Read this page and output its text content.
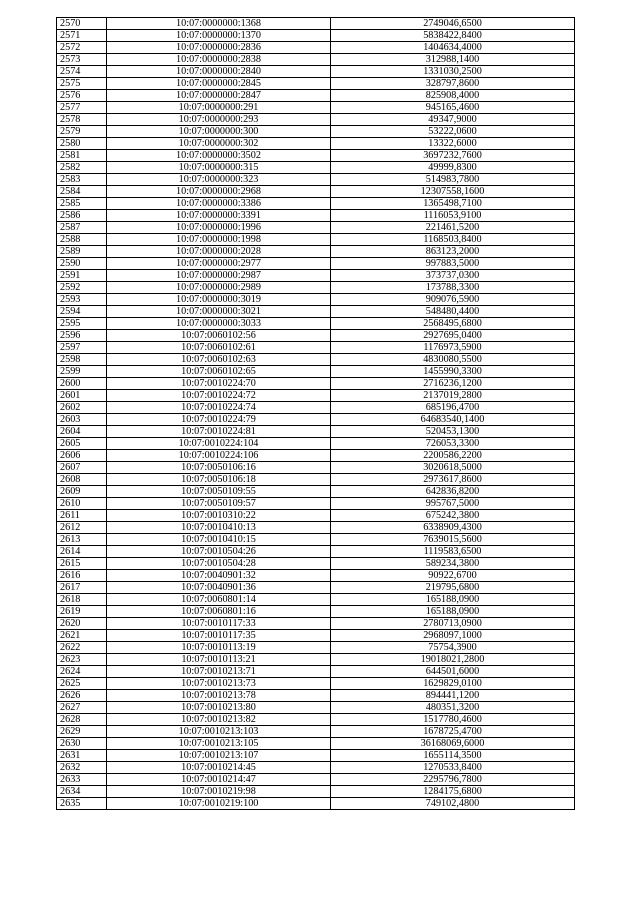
2570	10:07:0000000:1368	2749046,6500
2571	10:07:0000000:1370	5838422,8400
2572	10:07:0000000:2836	1404634,4000
2573	10:07:0000000:2838	312988,1400
2574	10:07:0000000:2840	1331030,2500
2575	10:07:0000000:2845	328797,8600
2576	10:07:0000000:2847	825908,4000
2577	10:07:0000000:291	945165,4600
2578	10:07:0000000:293	49347,9000
2579	10:07:0000000:300	53222,0600
2580	10:07:0000000:302	13322,6000
2581	10:07:0000000:3502	3697232,7600
2582	10:07:0000000:315	49999,8300
2583	10:07:0000000:323	514983,7800
2584	10:07:0000000:2968	12307558,1600
2585	10:07:0000000:3386	1365498,7100
2586	10:07:0000000:3391	1116053,9100
2587	10:07:0000000:1996	221461,5200
2588	10:07:0000000:1998	1168503,8400
2589	10:07:0000000:2028	863123,2000
2590	10:07:0000000:2977	997883,5000
2591	10:07:0000000:2987	373737,0300
2592	10:07:0000000:2989	173788,3300
2593	10:07:0000000:3019	909076,5900
2594	10:07:0000000:3021	548480,4400
2595	10:07:0000000:3033	2568495,6800
2596	10:07:0060102:56	2927695,0400
2597	10:07:0060102:61	1176973,5900
2598	10:07:0060102:63	4830080,5500
2599	10:07:0060102:65	1455990,3300
2600	10:07:0010224:70	2716236,1200
2601	10:07:0010224:72	2137019,2800
2602	10:07:0010224:74	685196,4700
2603	10:07:0010224:79	64683540,1400
2604	10:07:0010224:81	520453,1300
2605	10:07:0010224:104	726053,3300
2606	10:07:0010224:106	2200586,2200
2607	10:07:0050106:16	3020618,5000
2608	10:07:0050106:18	2973617,8600
2609	10:07:0050109:55	642836,8200
2610	10:07:0050109:57	995767,5000
2611	10:07:0010310:22	675242,3800
2612	10:07:0010410:13	6338909,4300
2613	10:07:0010410:15	7639015,5600
2614	10:07:0010504:26	1119583,6500
2615	10:07:0010504:28	589234,3800
2616	10:07:0040901:32	90922,6700
2617	10:07:0040901:36	219795,6800
2618	10:07:0060801:14	165188,0900
2619	10:07:0060801:16	165188,0900
2620	10:07:0010117:33	2780713,0900
2621	10:07:0010117:35	2968097,1000
2622	10:07:0010113:19	75754,3900
2623	10:07:0010113:21	19018021,2800
2624	10:07:0010213:71	644501,6000
2625	10:07:0010213:73	1629829,0100
2626	10:07:0010213:78	894441,1200
2627	10:07:0010213:80	480351,3200
2628	10:07:0010213:82	1517780,4600
2629	10:07:0010213:103	1678725,4700
2630	10:07:0010213:105	36168069,6000
2631	10:07:0010213:107	1655114,3500
2632	10:07:0010214:45	1270533,8400
2633	10:07:0010214:47	2295796,7800
2634	10:07:0010219:98	1284175,6800
2635	10:07:0010219:100	749102,4800
